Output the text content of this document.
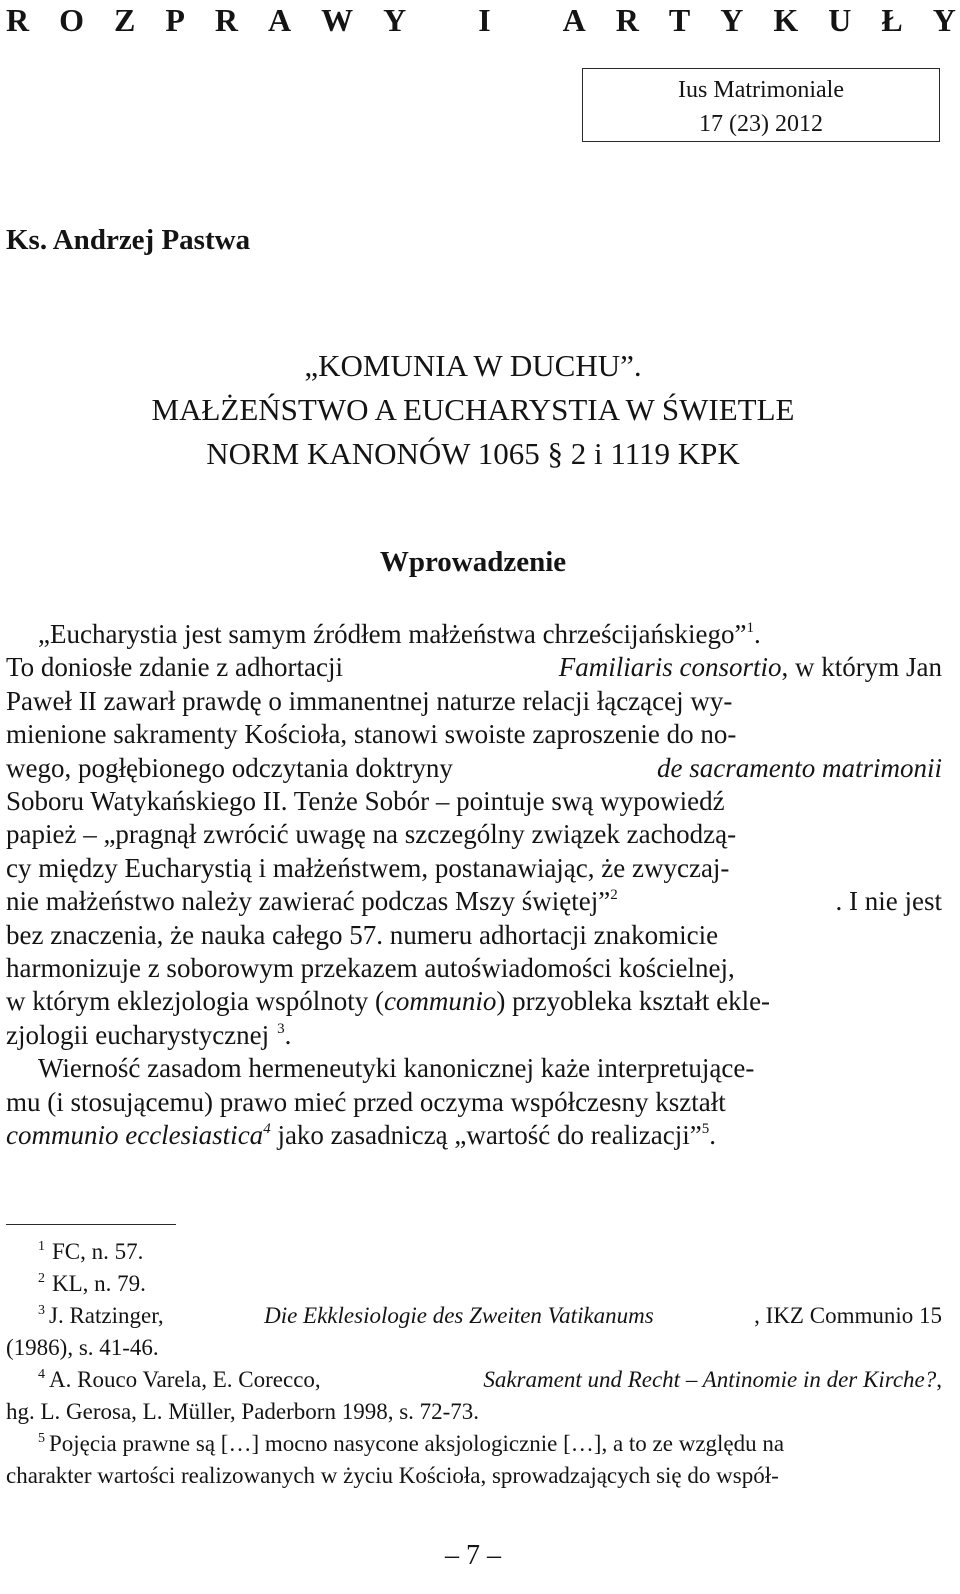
R O Z P R A W Y I A R T Y K U Ł Y
Ius Matrimoniale
17 (23) 2012
Ks. Andrzej Pastwa
„KOMUNIA W DUCHU”.
MAŁŻEŃSTWO A EUCHARYSTIA W ŚWIETLE
NORM KANONÓW 1065 § 2 i 1119 KPK
Wprowadzenie
„Eucharystia jest samym źródłem małżeństwa chrześcijańskiego”$^1$.
To doniosłe zdanie z adhortacji	Familiaris consortio, w którym Jan
Paweł II zawarł prawdę o immanentnej naturze relacji łączącej wy-
mienione sakramenty Kościoła, stanowi swoiste zaproszenie do no-
wego, pogłębionego odczytania doktryny	de sacramento matrimonii
Soboru Watykańskiego II. Tenże Sobór – pointuje swą wypowiedź
papież – „pragnął zwrócić uwagę na szczególny związek zachodzą-
cy między Eucharystią i małżeństwem, postanawiając, że zwyczaj-
nie małżeństwo należy zawierać podczas Mszy świętej”$^2$	. I nie jest
bez znaczenia, że nauka całego 57. numeru adhortacji znakomicie
harmonizuje z soborowym przekazem autoświadomości kościelnej,
w którym eklezjologia wspólnoty (communio) przyobleka kształt ekle-
zjologii eucharystycznej $^3$.
Wierność zasadom hermeneutyki kanonicznej każe interpretujące-
mu (i stosującemu) prawo mieć przed oczyma współczesny kształt
communio ecclesiastica$^4$ jako zasadniczą „wartość do realizacji”$^5$.
$^1$ FC, n. 57.
$^2$ KL, n. 79.
$^3$ J. Ratzinger,	Die Ekklesiologie des Zweiten Vatikanums	, IKZ Communio 15
(1986), s. 41-46.
$^4$ A. Rouco Varela, E. Corecco,	Sakrament und Recht – Antinomie in der Kirche?,
hg. L. Gerosa, L. Müller, Paderborn 1998, s. 72-73.
$^5$ Pojęcia prawne są […] mocno nasycone aksjologicznie […], a to ze względu na
charakter wartości realizowanych w życiu Kościoła, sprowadzających się do współ-
– 7 –
